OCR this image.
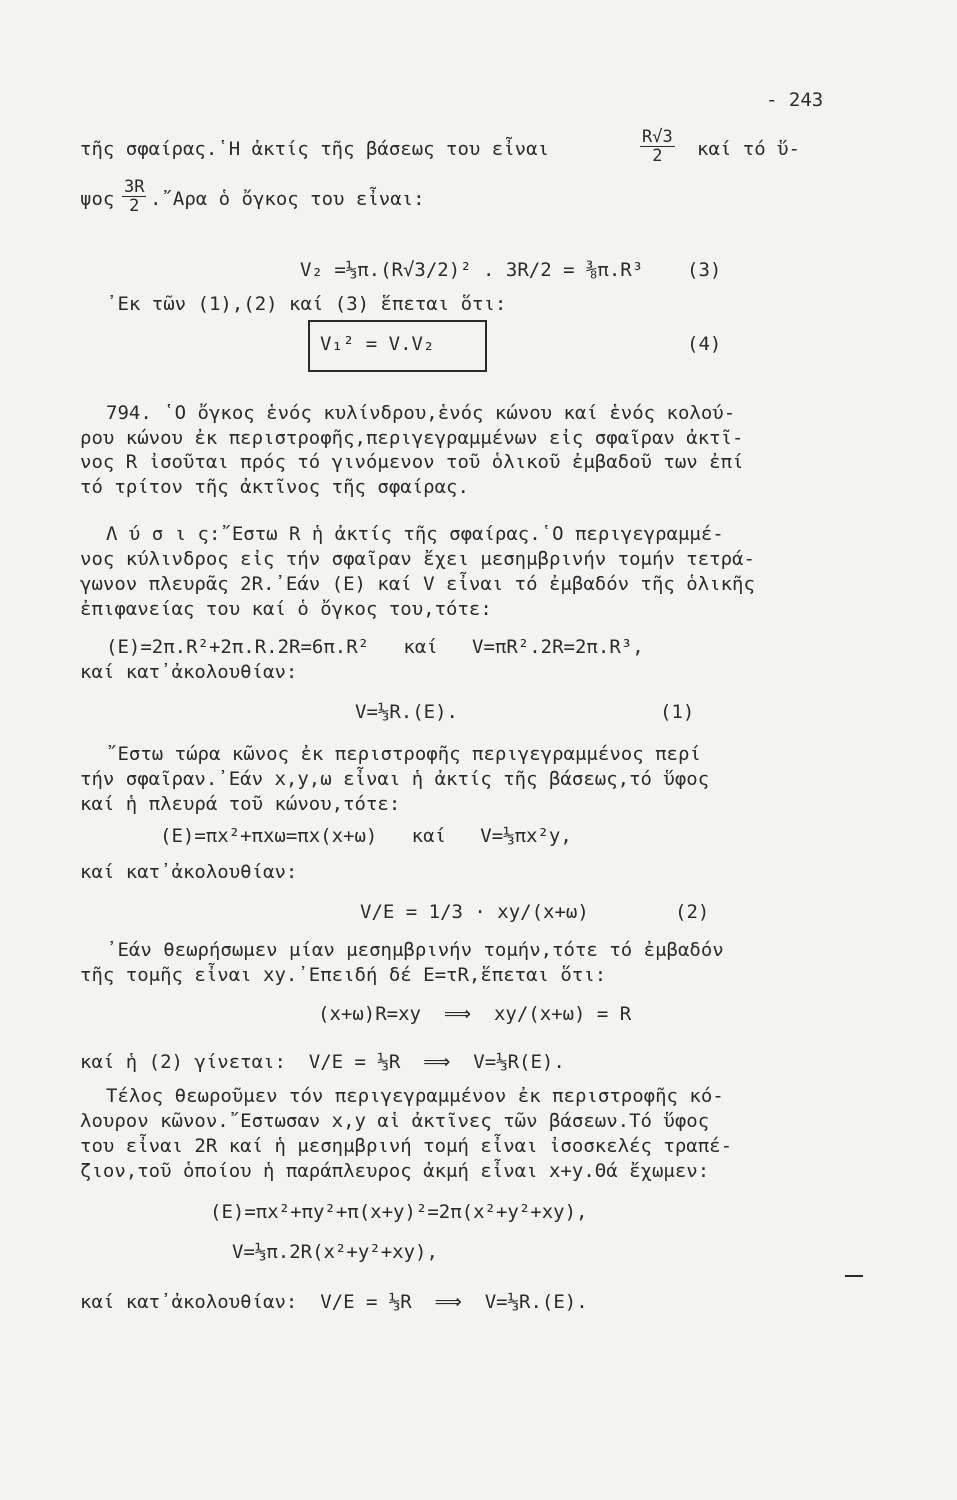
- 243
τῆς σφαίρας.῾Η ἀκτίς τῆς βάσεως του εἶναι	$\frac{R√3}{2}$ καί τό ὕ-
ψος $\frac{3R}{2}$ .῎Αρα ὁ ὄγκος του εἶναι:
V₂ =⅓π.(R√3/2)² . 3R/2 = ⅜π.R³ (3)
᾿Εκ τῶν (1),(2) καί (3) ἕπεται ὅτι:
V₁² = V.V₂	(4)
794. ῾Ο ὄγκος ἑνός κυλίνδρου,ἑνός κώνου καί ἑνός κολού-
ρου κώνου ἐκ περιστροφῆς,περιγεγραμμένων εἰς σφαῖραν ἀκτῖ-
νος R ἰσοῦται πρός τό γινόμενον τοῦ ὁλικοῦ ἐμβαδοῦ των ἐπί
τό τρίτον τῆς ἀκτῖνος τῆς σφαίρας.
Λ ύ σ ι ς:῎Εστω R ἡ ἀκτίς τῆς σφαίρας.῾Ο περιγεγραμμέ-
νος κύλινδρος εἰς τήν σφαῖραν ἔχει μεσημβρινήν τομήν τετρά-
γωνον πλευρᾶς 2R.᾿Εάν (Ε) καί V εἶναι τό ἐμβαδόν τῆς ὁλικῆς
ἐπιφανείας του καί ὁ ὄγκος του,τότε:
(Ε)=2π.R²+2π.R.2R=6π.R²   καί   V=πR².2R=2π.R³,
καί κατ᾿ἀκολουθίαν:
V=⅓R.(Ε).	(1)
῎Εστω τώρα κῶνος ἐκ περιστροφῆς περιγεγραμμένος περί
τήν σφαῖραν.᾿Εάν x,y,ω εἶναι ἡ ἀκτίς τῆς βάσεως,τό ὕφος
καί ἡ πλευρά τοῦ κώνου,τότε:
(Ε)=πx²+πxω=πx(x+ω)   καί   V=⅓πx²y,
καί κατ᾿ἀκολουθίαν:
V/E = 1/3 · xy/(x+ω)	(2)
᾿Εάν θεωρήσωμεν μίαν μεσημβρινήν τομήν,τότε τό ἐμβαδόν
τῆς τομῆς εἶναι xy.᾿Επειδή δέ Ε=τR,ἕπεται ὅτι:
(x+ω)R=xy  ⟹  xy/(x+ω) = R
καί ἡ (2) γίνεται:  V/E = ⅓R  ⟹  V=⅓R(Ε).
Τέλος θεωροῦμεν τόν περιγεγραμμένον ἐκ περιστροφῆς κό-
λουρον κῶνον.῎Εστωσαν x,y αἱ ἀκτῖνες τῶν βάσεων.Τό ὕφος
του εἶναι 2R καί ἡ μεσημβρινή τομή εἶναι ἰσοσκελές τραπέ-
ζιον,τοῦ ὁποίου ἡ παράπλευρος ἀκμή εἶναι x+y.Θά ἔχωμεν:
(Ε)=πx²+πy²+π(x+y)²=2π(x²+y²+xy),
V=⅓π.2R(x²+y²+xy),
καί κατ᾿ἀκολουθίαν:  V/E = ⅓R  ⟹  V=⅓R.(Ε).
